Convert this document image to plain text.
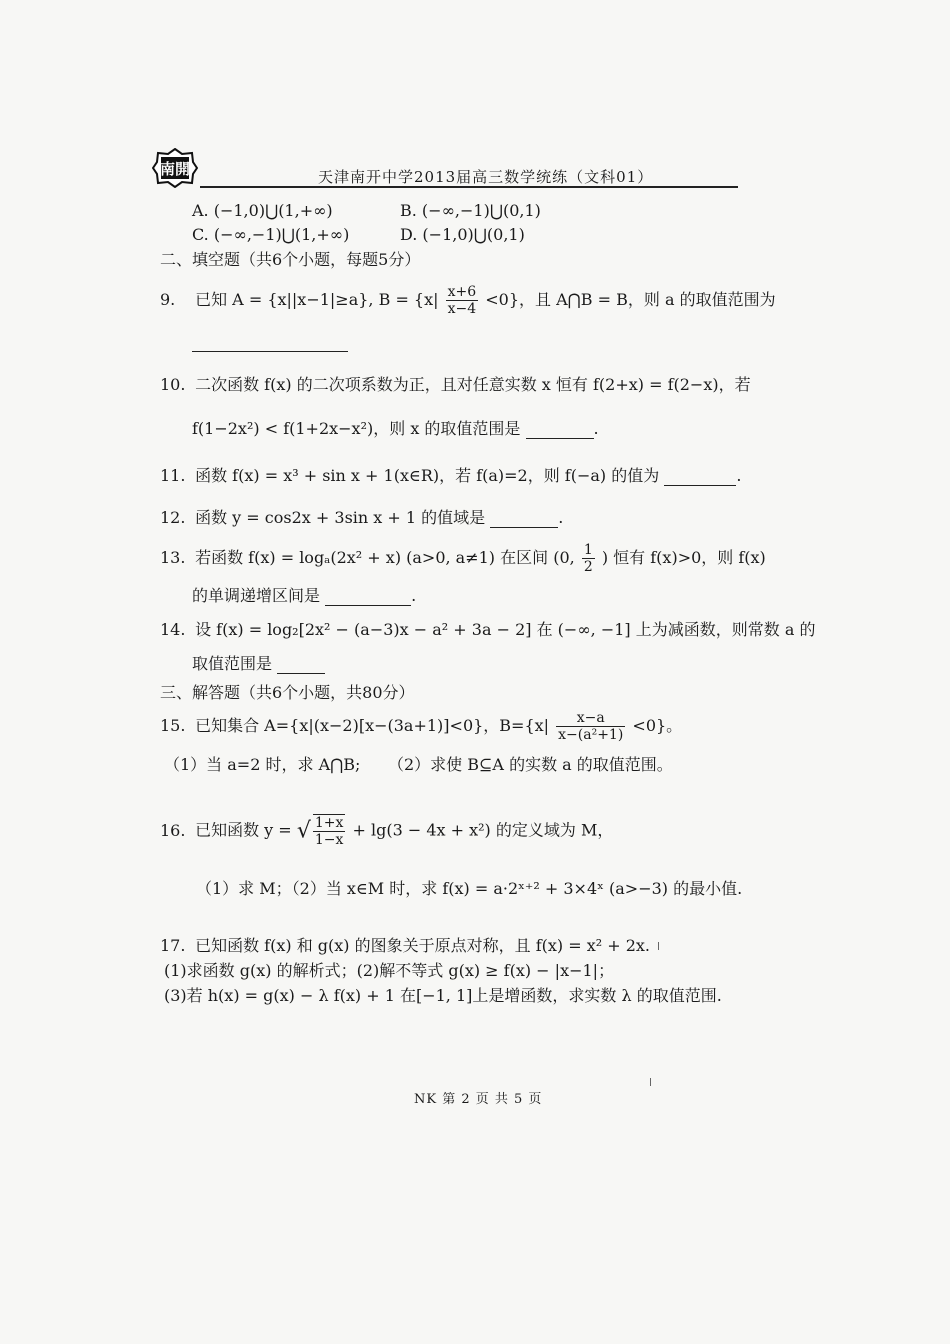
南開	天津南开中学2013届高三数学统练（文科01）
A. (−1,0)⋃(1,+∞)	B. (−∞,−1)⋃(0,1)
C. (−∞,−1)⋃(1,+∞)	D. (−1,0)⋃(0,1)
二、填空题（共6个小题，每题5分）
9. 已知 A = {x||x−1|≥a}, $B = \{x| \frac{x+6}{x-4} <0\}$，且 A⋂B = B，则 a 的取值范围为
10. 二次函数 f(x) 的二次项系数为正，且对任意实数 x 恒有 f(2+x) = f(2−x)，若
f(1−2x²) < f(1+2x−x²)，则 x 的取值范围是	.
11. 函数 f(x) = x³ + sin x + 1(x∈R)，若 f(a)=2，则 f(−a) 的值为	.
12. 函数 y = cos2x + 3sin x + 1 的值域是	.
13. 若函数 f(x) = logₐ(2x² + x) (a>0, a≠1) 在区间 (0, $\frac{1}{2}$ ) 恒有 f(x)>0，则 f(x)
的单调递增区间是	.
14. 设 f(x) = log₂[2x² − (a−3)x − a² + 3a − 2] 在 (−∞, −1] 上为减函数，则常数 a 的
取值范围是
三、解答题（共6个小题，共80分）
15. 已知集合 A={x|(x−2)[x−(3a+1)]<0}，$B=\{x| \frac{x-a}{\text{x−(a²+1)}} <0\}$。
（1）当 a=2 时，求 A⋂B; （2）求使 B⊆A 的实数 a 的取值范围。
16. 已知函数 y = √ $\frac{1+x}{1-x} + \lg(3 - 4x + x^2)$ 的定义域为 M，
（1）求 M；（2）当 x∈M 时，求 f(x) = a·2ˣ⁺² + 3×4ˣ (a>−3) 的最小值.
17. 已知函数 f(x) 和 g(x) 的图象关于原点对称，且 f(x) = x² + 2x.
(1)求函数 g(x) 的解析式；(2)解不等式 g(x) ≥ f(x) − |x−1|；
(3)若 h(x) = g(x) − λ f(x) + 1 在[−1, 1]上是增函数，求实数 λ 的取值范围.
NK 第 2 页 共 5 页
